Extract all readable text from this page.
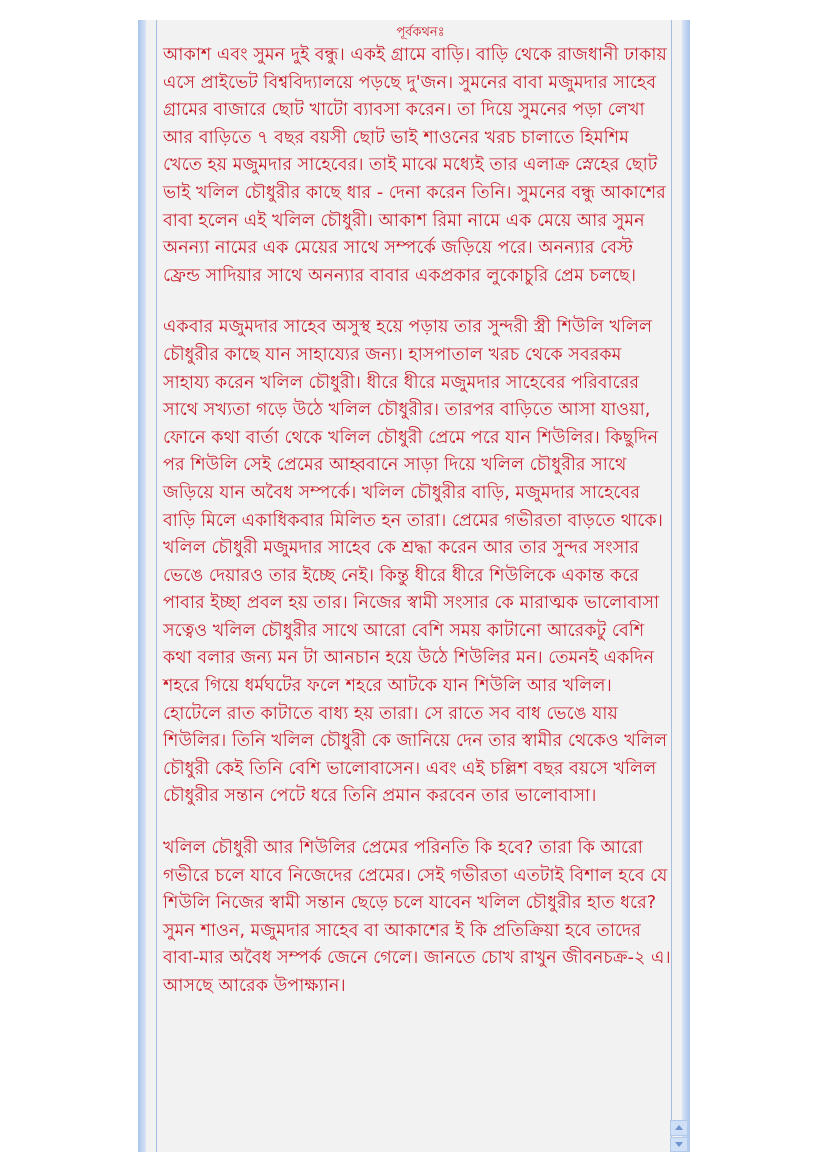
পূর্বকথনঃ

আকাশ এবং সুমন দুই বন্ধু। একই গ্রামে বাড়ি। বাড়ি থেকে রাজধানী ঢাকায় এসে প্রাইভেট বিশ্ববিদ্যালয়ে পড়ছে দু'জন। সুমনের বাবা মজুমদার সাহেব গ্রামের বাজারে ছোট খাটো ব্যাবসা করেন। তা দিয়ে সুমনের পড়া লেখা আর বাড়িতে ৭ বছর বয়সী ছোট ভাই শাওনের খরচ চালাতে হিমশিম খেতে হয় মজুমদার সাহেবের। তাই মাঝে মধ্যেই তার এলাক্র স্নেহের ছোট ভাই খলিল চৌধুরীর কাছে ধার - দেনা করেন তিনি। সুমনের বন্ধু আকাশের বাবা হলেন এই খলিল চৌধুরী। আকাশ রিমা নামে এক মেয়ে আর সুমন অনন্যা নামের এক মেয়ের সাথে সম্পর্কে জড়িয়ে পরে। অনন্যার বেস্ট ফ্রেন্ড সাদিয়ার সাথে অনন্যার বাবার একপ্রকার লুকোচুরি প্রেম চলছে।

একবার মজুমদার সাহেব অসুস্থ হয়ে পড়ায় তার সুন্দরী স্ত্রী শিউলি খলিল চৌধুরীর কাছে যান সাহায্যের জন্য। হাসপাতাল খরচ থেকে সবরকম সাহায্য করেন খলিল চৌধুরী। ধীরে ধীরে মজুমদার সাহেবের পরিবারের সাথে সখ্যতা গড়ে উঠে খলিল চৌধুরীর। তারপর বাড়িতে আসা যাওয়া, ফোনে কথা বার্তা থেকে খলিল চৌধুরী প্রেমে পরে যান শিউলির। কিছুদিন পর শিউলি সেই প্রেমের আহ্ববানে সাড়া দিয়ে খলিল চৌধুরীর সাথে জড়িয়ে যান অবৈধ সম্পর্কে। খলিল চৌধুরীর বাড়ি, মজুমদার সাহেবের বাড়ি মিলে একাধিকবার মিলিত হন তারা। প্রেমের গভীরতা বাড়তে থাকে। খলিল চৌধুরী মজুমদার সাহেব কে শ্রদ্ধা করেন আর তার সুন্দর সংসার ভেঙে দেয়ারও তার ইচ্ছে নেই। কিন্তু ধীরে ধীরে শিউলিকে একান্ত করে পাবার ইচ্ছা প্রবল হয় তার। নিজের স্বামী সংসার কে মারাত্মক ভালোবাসা সত্বেও খলিল চৌধুরীর সাথে আরো বেশি সময় কাটানো আরেকটু বেশি কথা বলার জন্য মন টা আনচান হয়ে উঠে শিউলির মন। তেমনই একদিন শহরে গিয়ে ধর্মঘটের ফলে শহরে আটকে যান শিউলি আর খলিল। হোটেলে রাত কাটাতে বাধ্য হয় তারা। সে রাতে সব বাধ ভেঙে যায় শিউলির। তিনি খলিল চৌধুরী কে জানিয়ে দেন তার স্বামীর থেকেও খলিল চৌধুরী কেই তিনি বেশি ভালোবাসেন। এবং এই চল্লিশ বছর বয়সে খলিল চৌধুরীর সন্তান পেটে ধরে তিনি প্রমান করবেন তার ভালোবাসা।

খলিল চৌধুরী আর শিউলির প্রেমের পরিনতি কি হবে? তারা কি আরো গভীরে চলে যাবে নিজেদের প্রেমের। সেই গভীরতা এতটাই বিশাল হবে যে শিউলি নিজের স্বামী সন্তান ছেড়ে চলে যাবেন খলিল চৌধুরীর হাত ধরে? সুমন শাওন, মজুমদার সাহেব বা আকাশের ই কি প্রতিক্রিয়া হবে তাদের বাবা-মার অবৈধ সম্পর্ক জেনে গেলে। জানতে চোখ রাখুন জীবনচক্র-২ এ। আসছে আরেক উপাক্ষ্যান।
